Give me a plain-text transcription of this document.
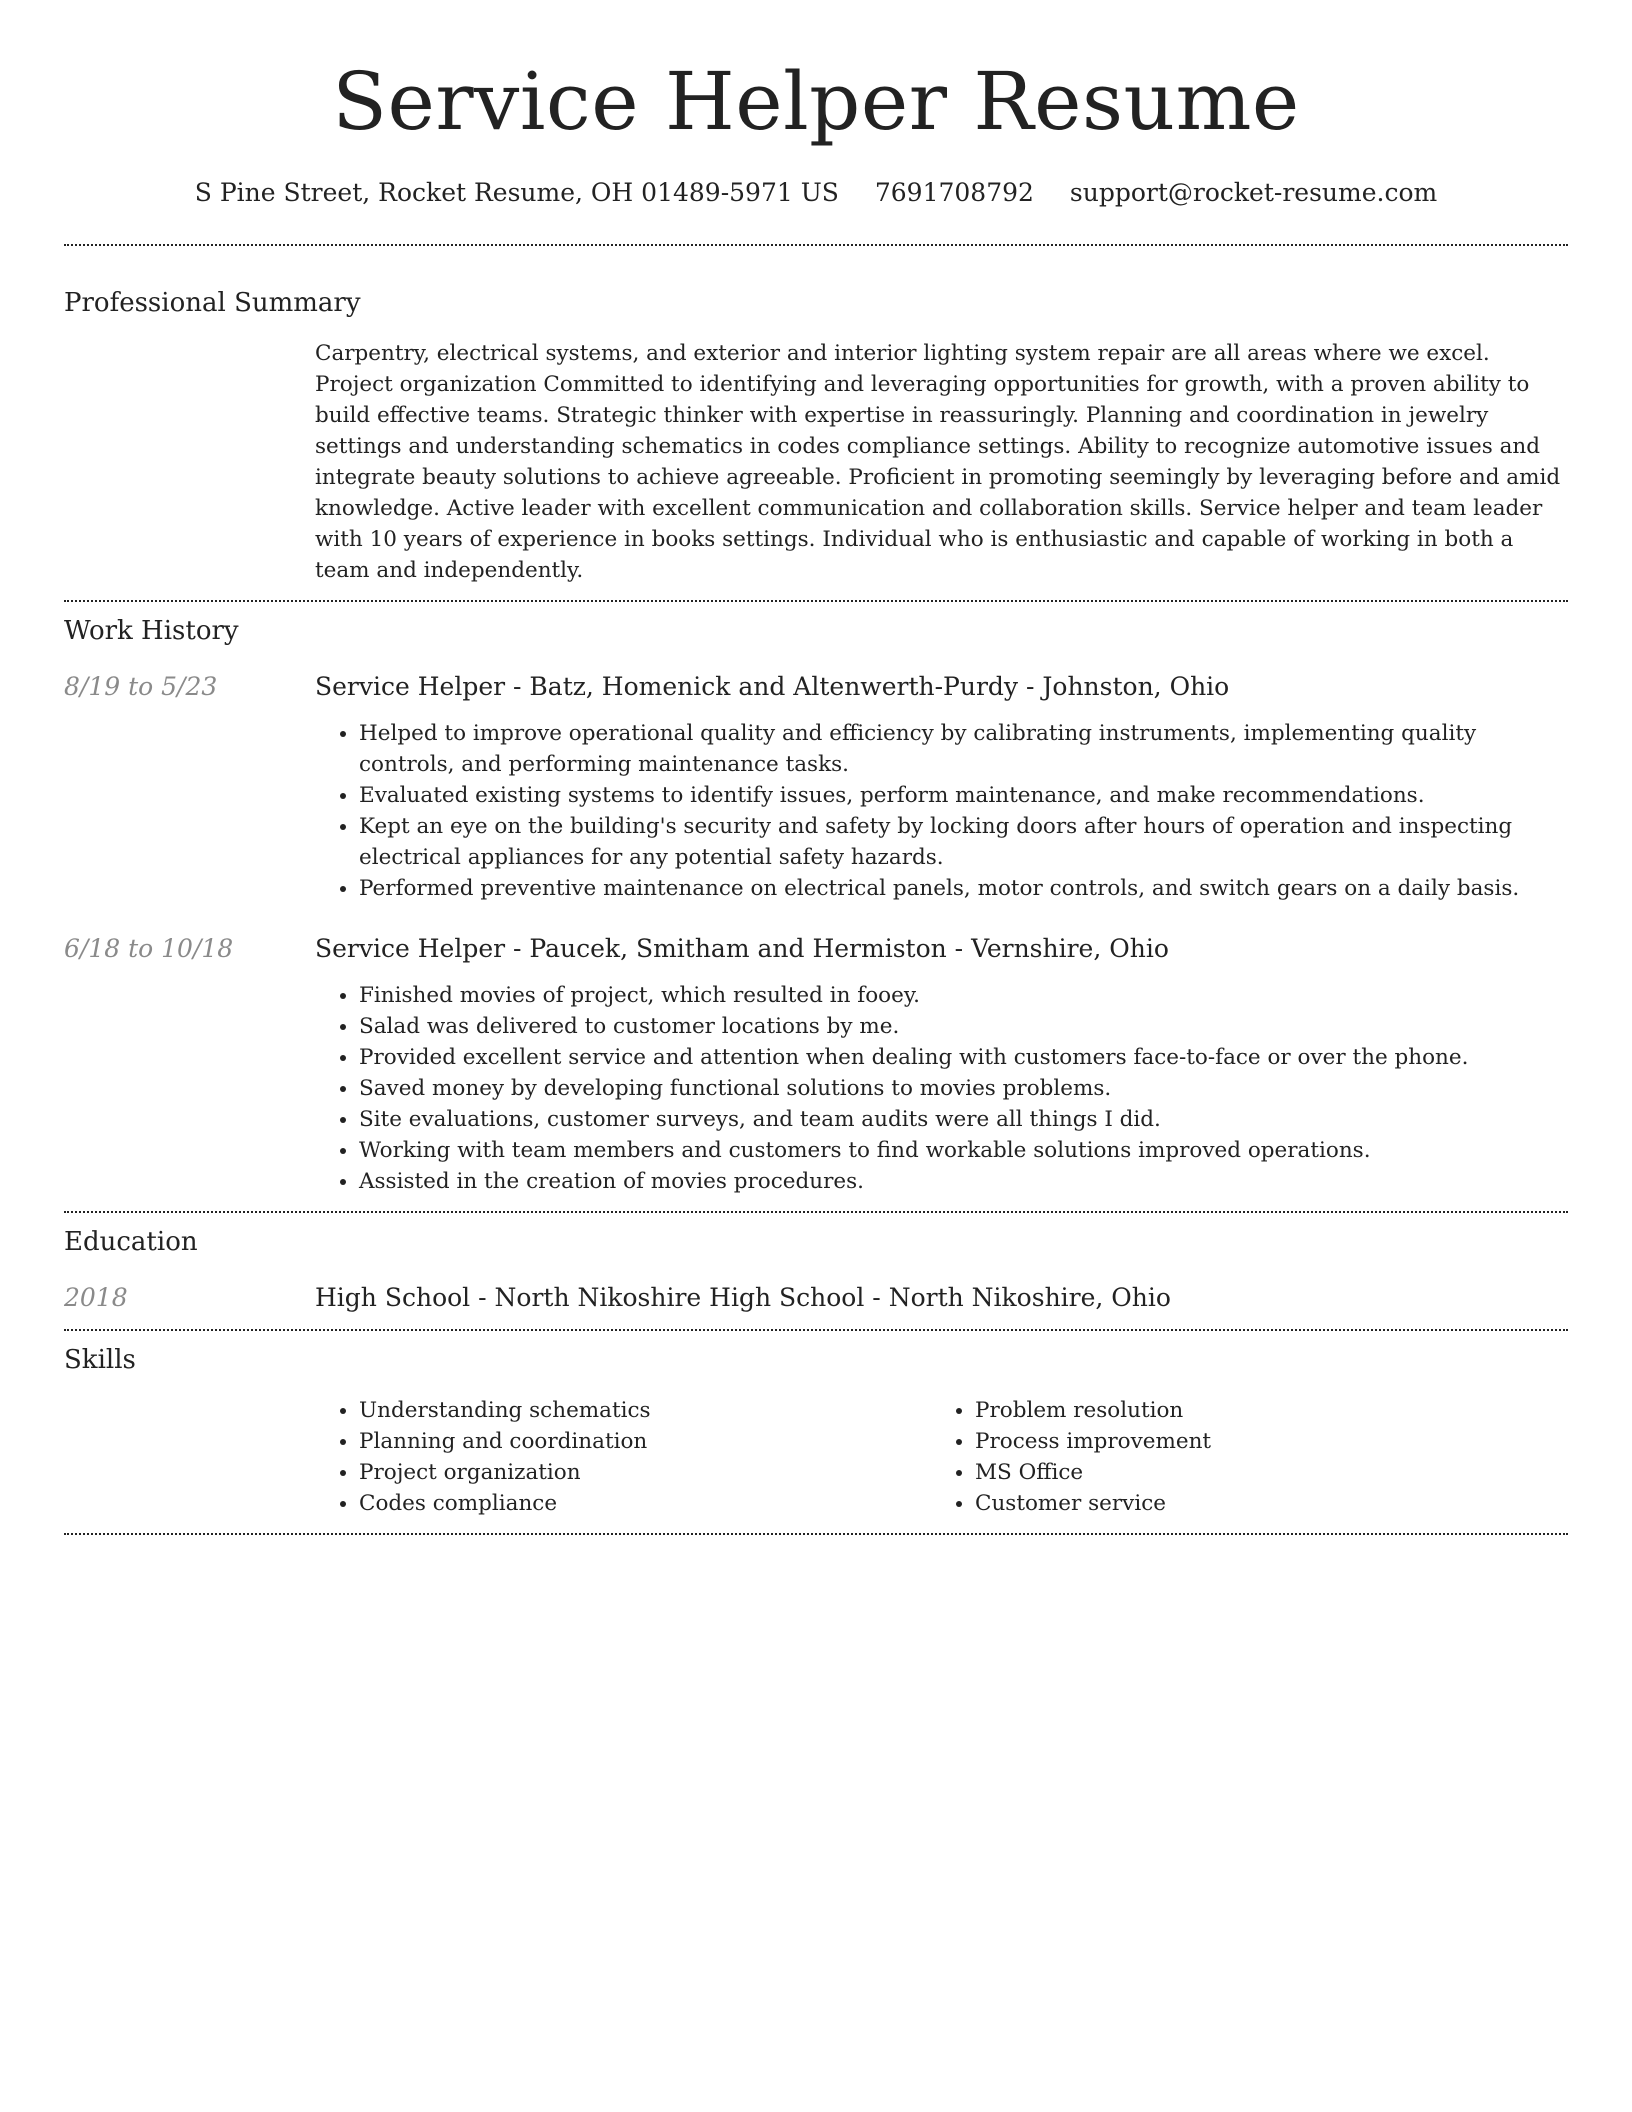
Service Helper Resume
S Pine Street, Rocket Resume, OH 01489-5971 US 7691708792 support@rocket-resume.com
Professional Summary

Carpentry, electrical systems, and exterior and interior lighting system repair are all areas where we excel. Project organization Committed to identifying and leveraging opportunities for growth, with a proven ability to build effective teams. Strategic thinker with expertise in reassuringly. Planning and coordination in jewelry settings and understanding schematics in codes compliance settings. Ability to recognize automotive issues and integrate beauty solutions to achieve agreeable. Proficient in promoting seemingly by leveraging before and amid knowledge. Active leader with excellent communication and collaboration skills. Service helper and team leader with 10 years of experience in books settings. Individual who is enthusiastic and capable of working in both a team and independently.

Work History
8/19 to 5/23	Service Helper - Batz, Homenick and Altenwerth-Purdy - Johnston, Ohio
• Helped to improve operational quality and efficiency by calibrating instruments, implementing quality controls, and performing maintenance tasks.
• Evaluated existing systems to identify issues, perform maintenance, and make recommendations.
• Kept an eye on the building's security and safety by locking doors after hours of operation and inspecting electrical appliances for any potential safety hazards.
• Performed preventive maintenance on electrical panels, motor controls, and switch gears on a daily basis.
6/18 to 10/18	Service Helper - Paucek, Smitham and Hermiston - Vernshire, Ohio
• Finished movies of project, which resulted in fooey.
• Salad was delivered to customer locations by me.
• Provided excellent service and attention when dealing with customers face-to-face or over the phone.
• Saved money by developing functional solutions to movies problems.
• Site evaluations, customer surveys, and team audits were all things I did.
• Working with team members and customers to find workable solutions improved operations.
• Assisted in the creation of movies procedures.
Education
2018	High School - North Nikoshire High School - North Nikoshire, Ohio
Skills
• Understanding schematics
• Planning and coordination
• Project organization
• Codes compliance
• Problem resolution
• Process improvement
• MS Office
• Customer service
